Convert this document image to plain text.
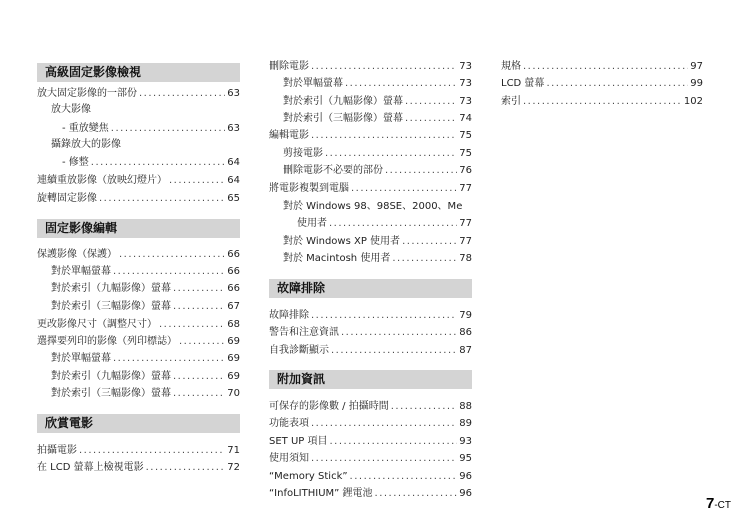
高級固定影像檢視
放大固定影像的一部份 .....	63
放大影像
- 重放變焦 .....	63
攝錄放大的影像
- 修整 .....	64
連續重放影像（放映幻燈片） .....	64
旋轉固定影像 .....	65
固定影像編輯
保護影像（保護） .....	66
對於單幅螢幕 .....	66
對於索引（九幅影像）螢幕 .....	66
對於索引（三幅影像）螢幕 .....	67
更改影像尺寸（調整尺寸） .....	68
選擇要列印的影像（列印標誌） .....	69
對於單幅螢幕 .....	69
對於索引（九幅影像）螢幕 .....	69
對於索引（三幅影像）螢幕 .....	70
欣賞電影
拍攝電影 .....	71
在 LCD 螢幕上檢視電影 .....	72
刪除電影 .....	73
對於單幅螢幕 .....	73
對於索引（九幅影像）螢幕 .....	73
對於索引（三幅影像）螢幕 .....	74
編輯電影 .....	75
剪接電影 .....	75
刪除電影不必要的部份 .....	76
將電影複製到電腦 .....	77
對於 Windows 98、98SE、2000、Me
使用者 .....	77
對於 Windows XP 使用者 .....	77
對於 Macintosh 使用者 .....	78
故障排除
故障排除 .....	79
警告和注意資訊 .....	86
自我診斷顯示 .....	87
附加資訊
可保存的影像數 / 拍攝時間 .....	88
功能表項 .....	89
SET UP 項目 .....	93
使用須知 .....	95
“Memory Stick” .....	96
“InfoLITHIUM” 鋰電池 .....	96
規格 .....	97
LCD 螢幕 .....	99
索引 .....	102
7-CT
